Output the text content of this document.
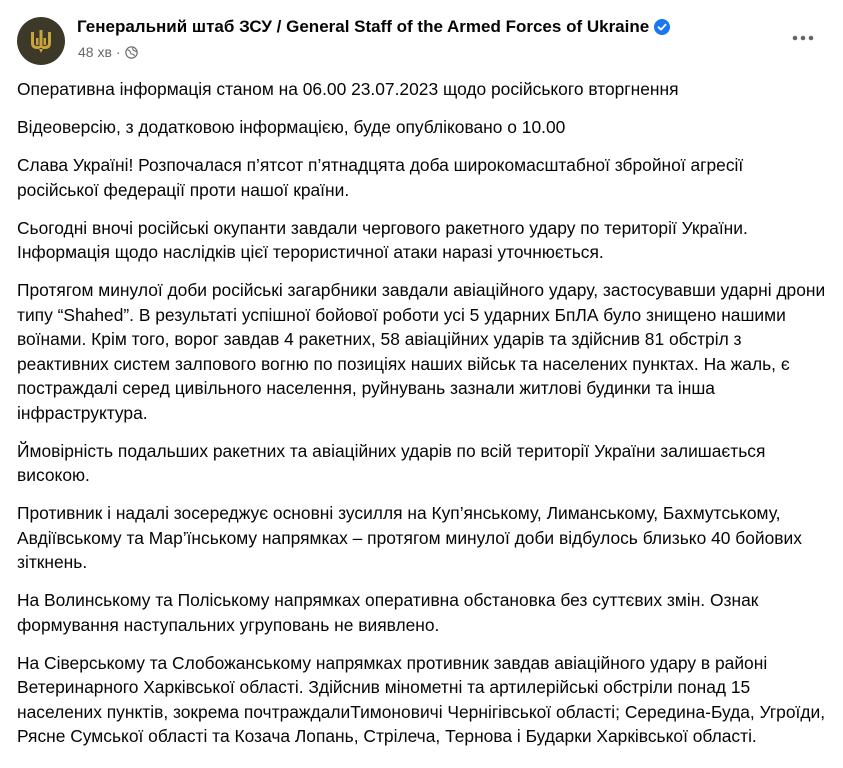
Генеральний штаб ЗСУ / General Staff of the Armed Forces of Ukraine
48 хв ·

Оперативна інформація станом на 06.00 23.07.2023 щодо російського вторгнення

Відеоверсію, з додатковою інформацією, буде опубліковано о 10.00

Слава Україні! Розпочалася п’ятсот п’ятнадцята доба широкомасштабної збройної агресії російської федерації проти нашої країни.

Сьогодні вночі російські окупанти завдали чергового ракетного удару по території України. Інформація щодо наслідків цієї терористичної атаки наразі уточнюється.

Протягом минулої доби російські загарбники завдали авіаційного удару, застосувавши ударні дрони типу “Shahed”. В результаті успішної бойової роботи усі 5 ударних БпЛА було знищено нашими воїнами. Крім того, ворог завдав 4 ракетних, 58 авіаційних ударів та здійснив 81 обстріл з реактивних систем залпового вогню по позиціях наших військ та населених пунктах. На жаль, є постраждалі серед цивільного населення, руйнувань зазнали житлові будинки та інша інфраструктура.

Ймовірність подальших ракетних та авіаційних ударів по всій території України залишається високою.

Противник і надалі зосереджує основні зусилля на Куп’янському, Лиманському, Бахмутському, Авдіївському та Мар’їнському напрямках – протягом минулої доби відбулось близько 40 бойових зіткнень.

На Волинському та Поліському напрямках оперативна обстановка без суттєвих змін. Ознак формування наступальних угруповань не виявлено.

На Сіверському та Слобожанському напрямках противник завдав авіаційного удару в районі Ветеринарного Харківської області. Здійснив мінометні та артилерійські обстріли понад 15 населених пунктів, зокрема почтраждалиТимоновичі Чернігівської області; Середина-Буда, Угроїди,  Рясне Сумської області та Козача Лопань, Стрілеча, Тернова і Бударки Харківської області.
